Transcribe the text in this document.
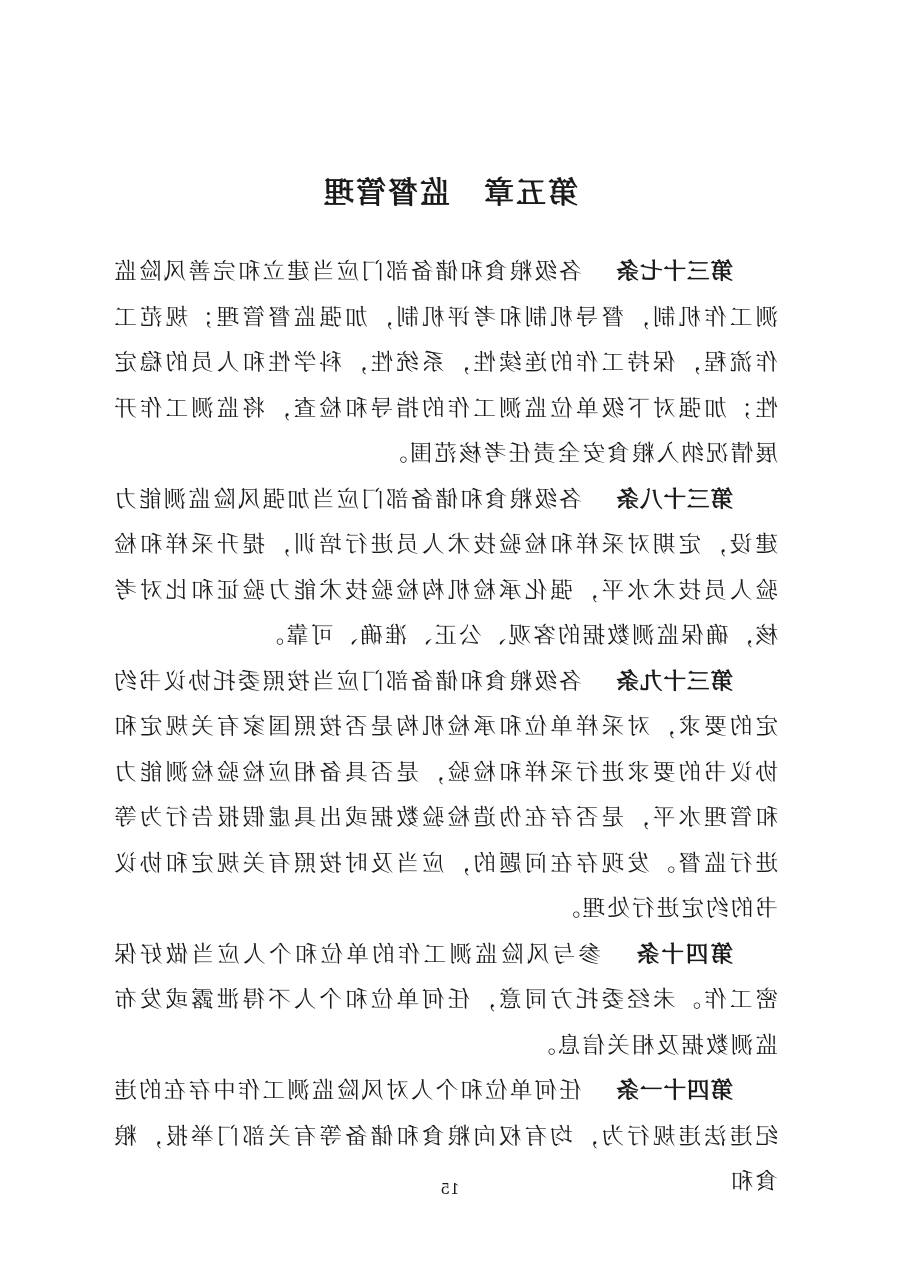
第五章　监督管理

第三十七条各级粮食和储备部门应当建立和完善风险监测工作机制，督导机制和考评机制，加强监督管理；规范工作流程，保持工作的连续性，系统性，科学性和人员的稳定性；加强对下级单位监测工作的指导和检查，将监测工作开展情况纳入粮食安全责任考核范围。

第三十八条各级粮食和储备部门应当加强风险监测能力建设，定期对采样和检验技术人员进行培训，提升采样和检验人员技术水平，强化承检机构检验技术能力验证和比对考核，确保监测数据的客观、公正、准确、可靠。

第三十九条各级粮食和储备部门应当按照委托协议书约定的要求，对采样单位和承检机构是否按照国家有关规定和协议书的要求进行采样和检验，是否具备相应检验检测能力和管理水平，是否存在伪造检验数据或出具虚假报告行为等进行监督。发现存在问题的，应当及时按照有关规定和协议书的约定进行处理。

第四十条参与风险监测工作的单位和个人应当做好保密工作。未经委托方同意，任何单位和个人不得泄露或发布监测数据及相关信息。

第四十一条任何单位和个人对风险监测工作中存在的违纪违法违规行为，均有权向粮食和储备等有关部门举报，粮食和

15
